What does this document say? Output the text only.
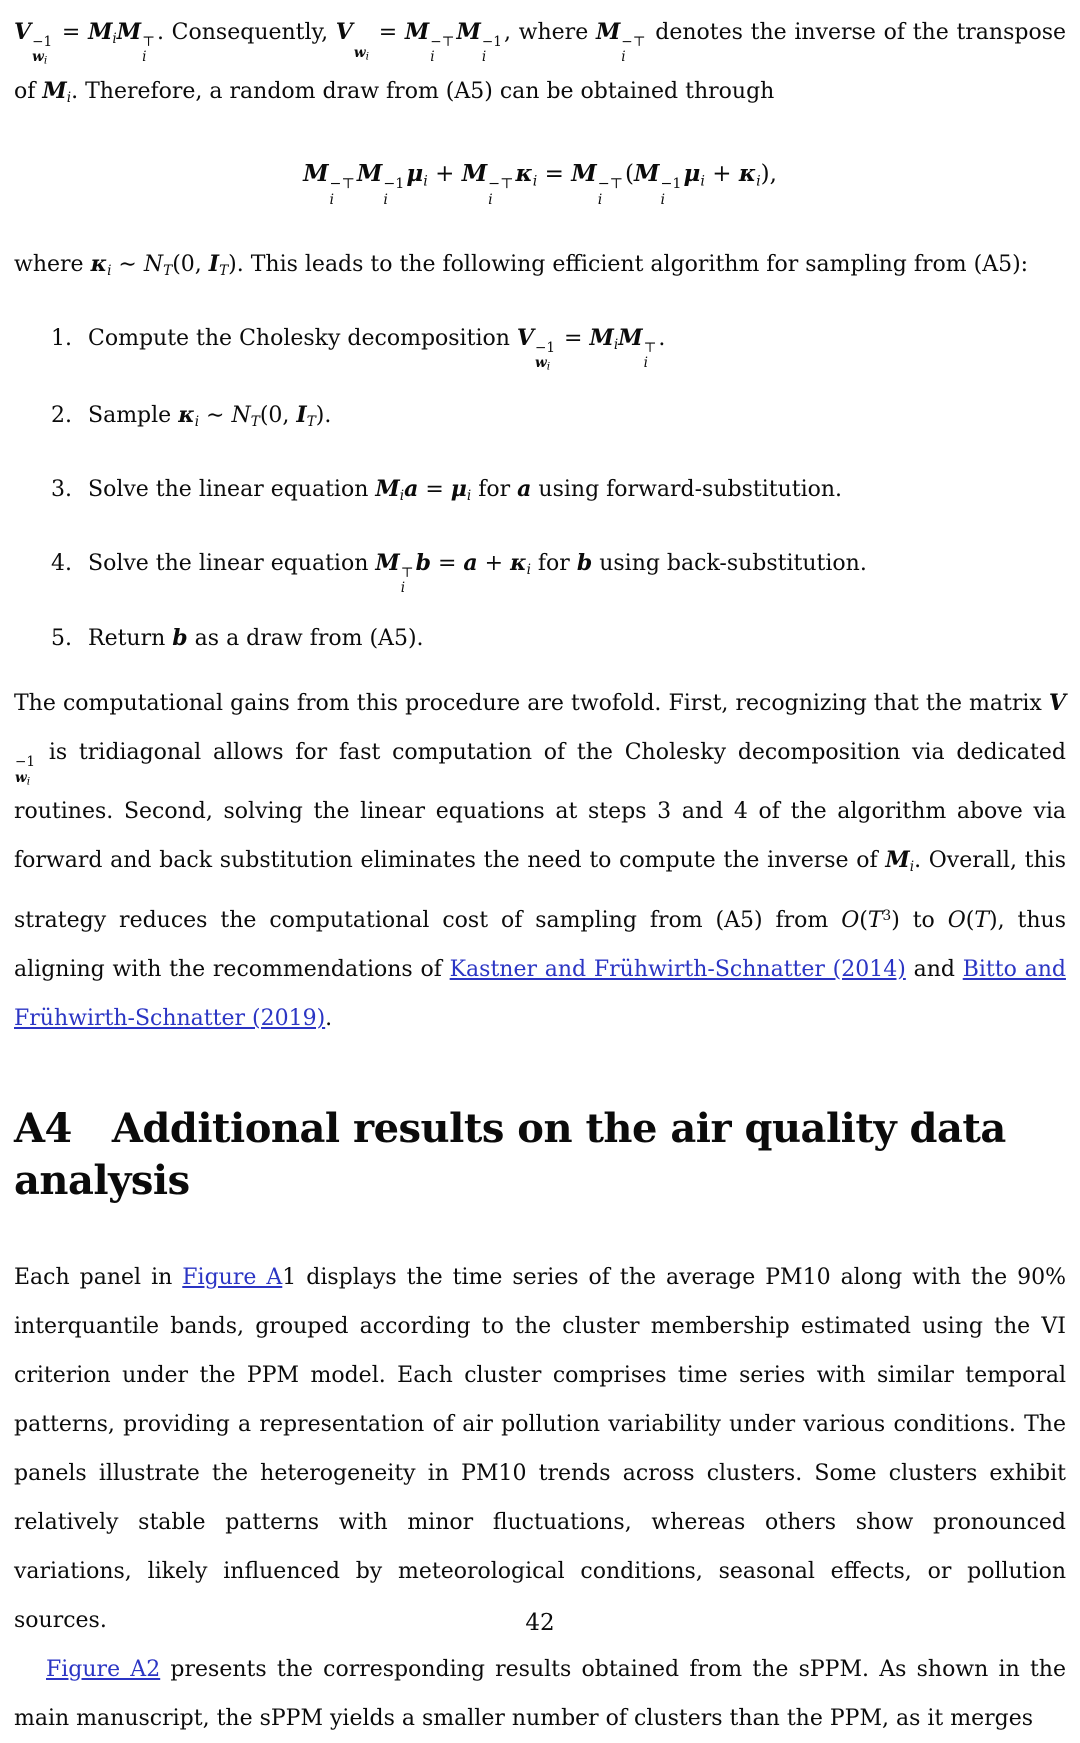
V −1
wi
= $M_iM$ ⊤
i
. Consequently, V
wi
= M −⊤
i
M −1
i
, where M −⊤
i
denotes the inverse of the transpose of $M_i$. Therefore, a random draw from (A5) can be obtained through

M −⊤
i
M −1
i
$\mu_i + M$ −⊤
i
$\kappa_i = M$ −⊤
i
(M −1
i
$\mu_i + \kappa_i$),

where $\kappa_i$ ∼ $N_T(0$, $I_T$). This leads to the following efficient algorithm for sampling from (A5):

1. Compute the Cholesky decomposition V −1
wi
= $M_iM$ ⊤
i
.
2. Sample $\kappa_i$ ∼ $N_T(0$, $I_T$).
3. Solve the linear equation $M_ia = \mu_i$ for a using forward-substitution.
4. Solve the linear equation M ⊤
i
$b = a + \kappa_i$ for b using back-substitution.
5. Return b as a draw from (A5).

The computational gains from this procedure are twofold. First, recognizing that the matrix V
−1
wi
is tridiagonal allows for fast computation of the Cholesky decomposition via dedicated routines. Second, solving the linear equations at steps 3 and 4 of the algorithm above via forward and back substitution eliminates the need to compute the inverse of $M_i$. Overall, this strategy reduces the computational cost of sampling from (A5) from $O(T^3)$ to O(T), thus aligning with the recommendations of Kastner and Frühwirth-Schnatter (2014) and Bitto and Frühwirth-Schnatter (2019).

A4 Additional results on the air quality data analysis

Each panel in Figure A1 displays the time series of the average PM10 along with the 90% interquantile bands, grouped according to the cluster membership estimated using the VI criterion under the PPM model. Each cluster comprises time series with similar temporal patterns, providing a representation of air pollution variability under various conditions. The panels illustrate the heterogeneity in PM10 trends across clusters. Some clusters exhibit relatively stable patterns with minor fluctuations, whereas others show pronounced variations, likely influenced by meteorological conditions, seasonal effects, or pollution sources.

Figure A2 presents the corresponding results obtained from the sPPM. As shown in the main manuscript, the sPPM yields a smaller number of clusters than the PPM, as it merges

42
